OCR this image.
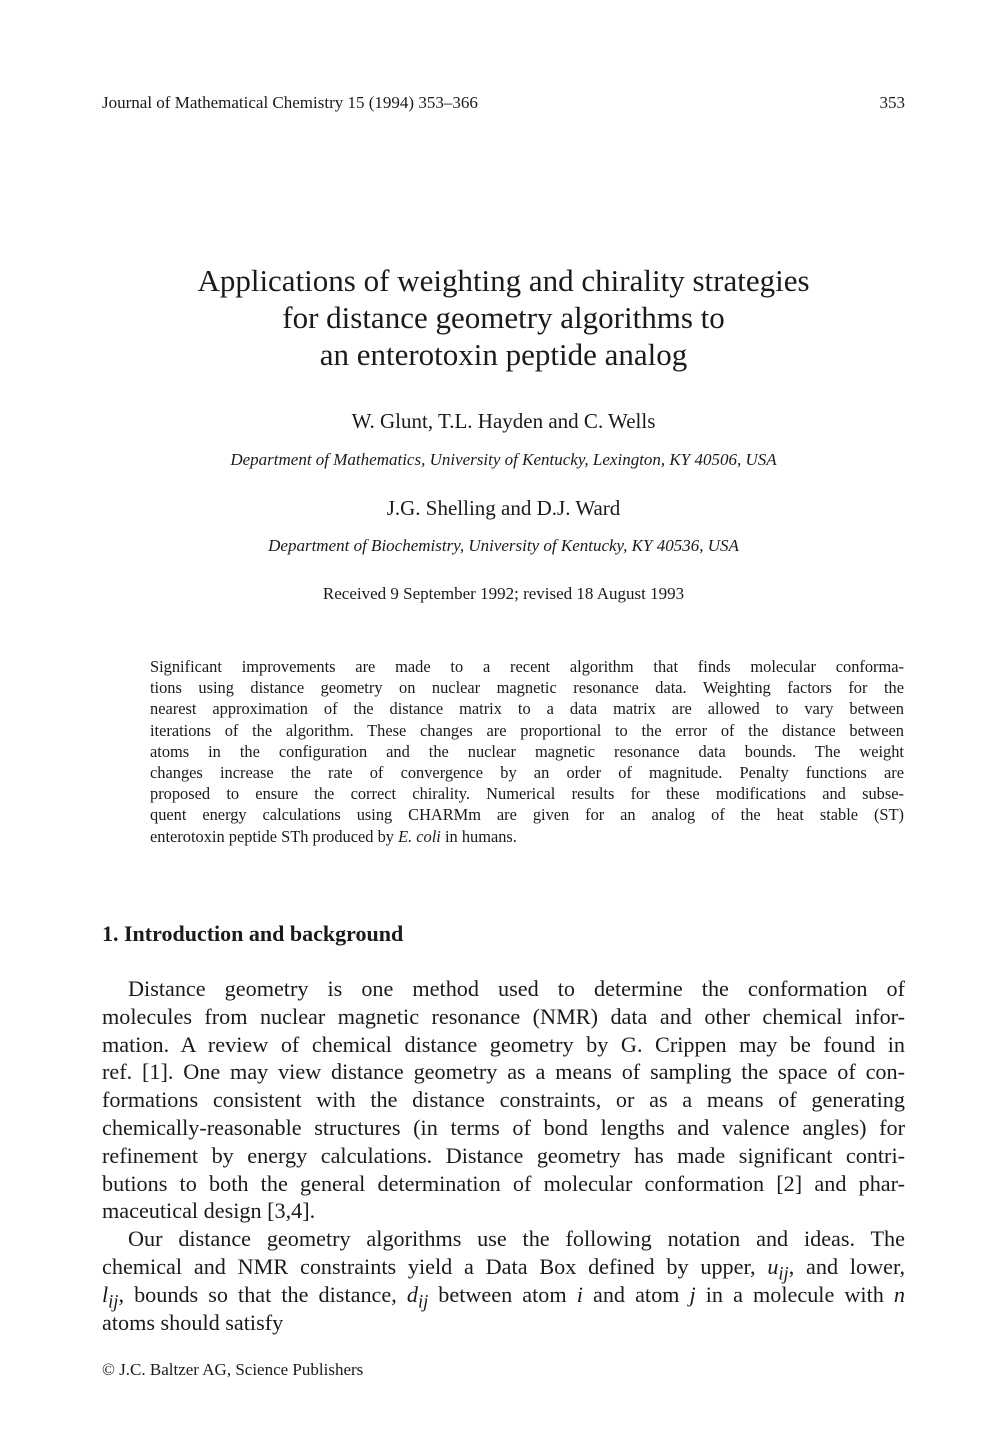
Journal of Mathematical Chemistry 15 (1994) 353–366	353
Applications of weighting and chirality strategies
for distance geometry algorithms to
an enterotoxin peptide analog
W. Glunt, T.L. Hayden and C. Wells
Department of Mathematics, University of Kentucky, Lexington, KY 40506, USA
J.G. Shelling and D.J. Ward
Department of Biochemistry, University of Kentucky, KY 40536, USA
Received 9 September 1992; revised 18 August 1993
Significant improvements are made to a recent algorithm that finds molecular conforma-
tions using distance geometry on nuclear magnetic resonance data. Weighting factors for the
nearest approximation of the distance matrix to a data matrix are allowed to vary between
iterations of the algorithm. These changes are proportional to the error of the distance between
atoms in the configuration and the nuclear magnetic resonance data bounds. The weight
changes increase the rate of convergence by an order of magnitude. Penalty functions are
proposed to ensure the correct chirality. Numerical results for these modifications and subse-
quent energy calculations using CHARMm are given for an analog of the heat stable (ST)
enterotoxin peptide STh produced by E. coli in humans.
1. Introduction and background
Distance geometry is one method used to determine the conformation of
molecules from nuclear magnetic resonance (NMR) data and other chemical infor-
mation. A review of chemical distance geometry by G. Crippen may be found in
ref. [1]. One may view distance geometry as a means of sampling the space of con-
formations consistent with the distance constraints, or as a means of generating
chemically-reasonable structures (in terms of bond lengths and valence angles) for
refinement by energy calculations. Distance geometry has made significant contri-
butions to both the general determination of molecular conformation [2] and phar-
maceutical design [3,4].
Our distance geometry algorithms use the following notation and ideas. The
chemical and NMR constraints yield a Data Box defined by upper, $u_{ij}$, and lower,
$l_{ij}$, bounds so that the distance, $d_{ij}$ between atom i and atom j in a molecule with n
atoms should satisfy
© J.C. Baltzer AG, Science Publishers
